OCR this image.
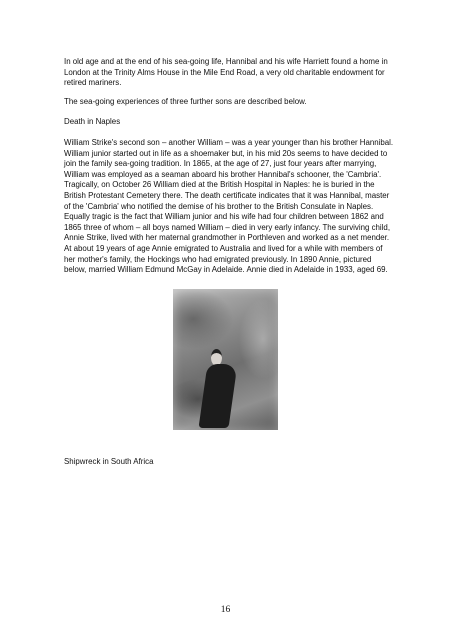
In old age and at the end of his sea-going life, Hannibal and his wife Harriett found a home in London at the Trinity Alms House in the Mile End Road, a very old charitable endowment for retired mariners.

The sea-going experiences of three further sons are described below.

Death in Naples

William Strike's second son – another William – was a year younger than his brother Hannibal. William junior started out in life as a shoemaker but, in his mid 20s seems to have decided to join the family sea-going tradition. In 1865, at the age of 27, just four years after marrying, William was employed as a seaman aboard his brother Hannibal's schooner, the 'Cambria'. Tragically, on October 26 William died at the British Hospital in Naples: he is buried in the British Protestant Cemetery there. The death certificate indicates that it was Hannibal, master of the 'Cambria' who notified the demise of his brother to the British Consulate in Naples. Equally tragic is the fact that William junior and his wife had four children between 1862 and 1865 three of whom – all boys named William – died in very early infancy. The surviving child, Annie Strike, lived with her maternal grandmother in Porthleven and worked as a net mender. At about 19 years of age Annie emigrated to Australia and lived for a while with members of her mother's family, the Hockings who had emigrated previously. In 1890 Annie, pictured below, married William Edmund McGay in Adelaide. Annie died in Adelaide in 1933, aged 69.

Shipwreck in South Africa

16
